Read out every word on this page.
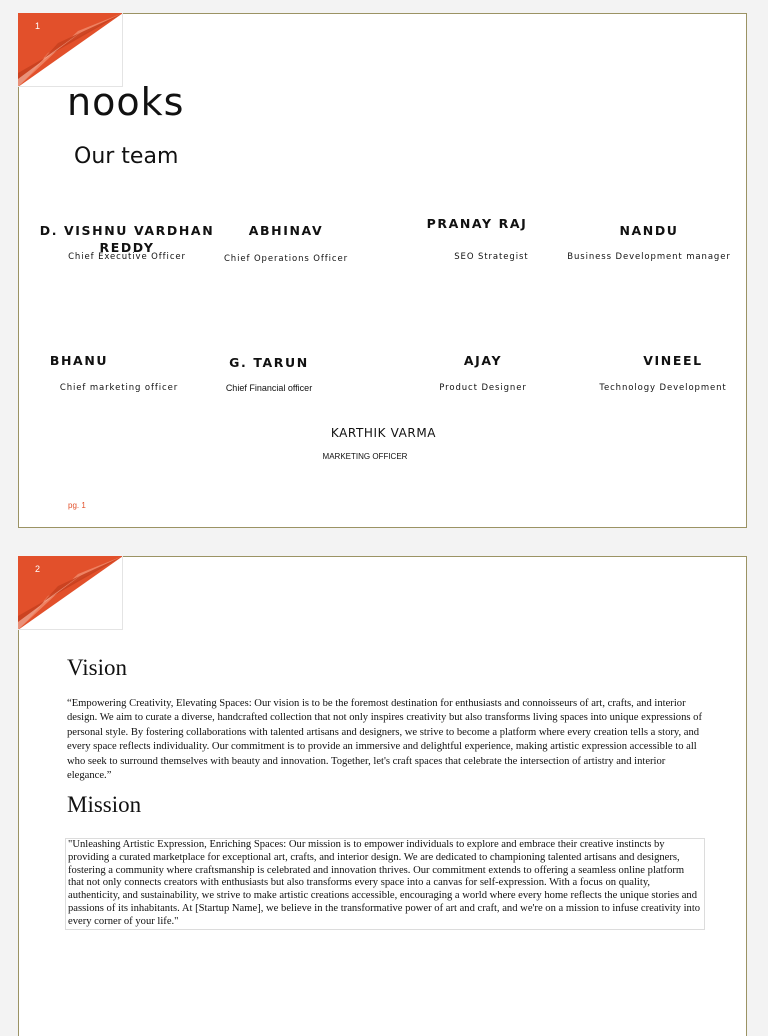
1
nooks
Our team
D. VISHNU VARDHAN REDDY
Chief Executive Officer
ABHINAV
Chief Operations Officer
PRANAY RAJ
SEO Strategist
NANDU
Business Development manager
BHANU
Chief marketing officer
G. TARUN
Chief Financial officer
AJAY
Product Designer
VINEEL
Technology Development
KARTHIK VARMA
MARKETING OFFICER
pg. 1
2
Vision
“Empowering Creativity, Elevating Spaces: Our vision is to be the foremost destination for enthusiasts and connoisseurs of art, crafts, and interior design. We aim to curate a diverse, handcrafted collection that not only inspires creativity but also transforms living spaces into unique expressions of personal style. By fostering collaborations with talented artisans and designers, we strive to become a platform where every creation tells a story, and every space reflects individuality. Our commitment is to provide an immersive and delightful experience, making artistic expression accessible to all who seek to surround themselves with beauty and innovation. Together, let's craft spaces that celebrate the intersection of artistry and interior elegance.”
Mission
"Unleashing Artistic Expression, Enriching Spaces: Our mission is to empower individuals to explore and embrace their creative instincts by providing a curated marketplace for exceptional art, crafts, and interior design. We are dedicated to championing talented artisans and designers, fostering a community where craftsmanship is celebrated and innovation thrives. Our commitment extends to offering a seamless online platform that not only connects creators with enthusiasts but also transforms every space into a canvas for self-expression. With a focus on quality, authenticity, and sustainability, we strive to make artistic creations accessible, encouraging a world where every home reflects the unique stories and passions of its inhabitants. At [Startup Name], we believe in the transformative power of art and craft, and we're on a mission to infuse creativity into every corner of your life."
